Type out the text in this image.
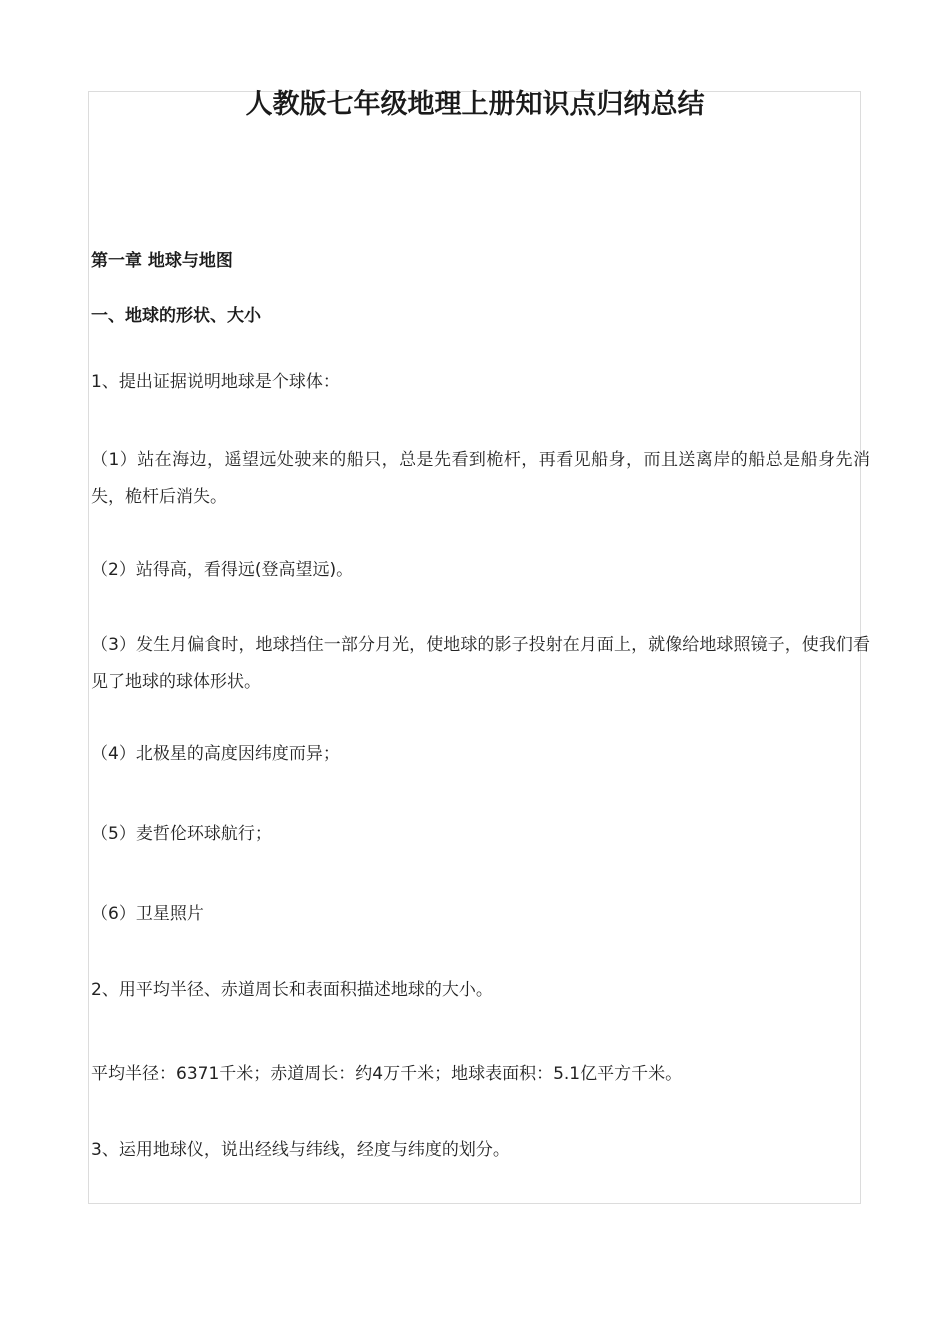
人教版七年级地理上册知识点归纳总结
第一章 地球与地图
一、地球的形状、大小
1、提出证据说明地球是个球体：
（1）站在海边，遥望远处驶来的船只，总是先看到桅杆，再看见船身，而且送离岸的船总是船身先消失，桅杆后消失。
（2）站得高，看得远(登高望远)。
（3）发生月偏食时，地球挡住一部分月光，使地球的影子投射在月面上，就像给地球照镜子，使我们看见了地球的球体形状。
（4）北极星的高度因纬度而异；
（5）麦哲伦环球航行；
（6）卫星照片
2、用平均半径、赤道周长和表面积描述地球的大小。
平均半径：6371千米；赤道周长：约4万千米；地球表面积：5.1亿平方千米。
3、运用地球仪，说出经线与纬线，经度与纬度的划分。
